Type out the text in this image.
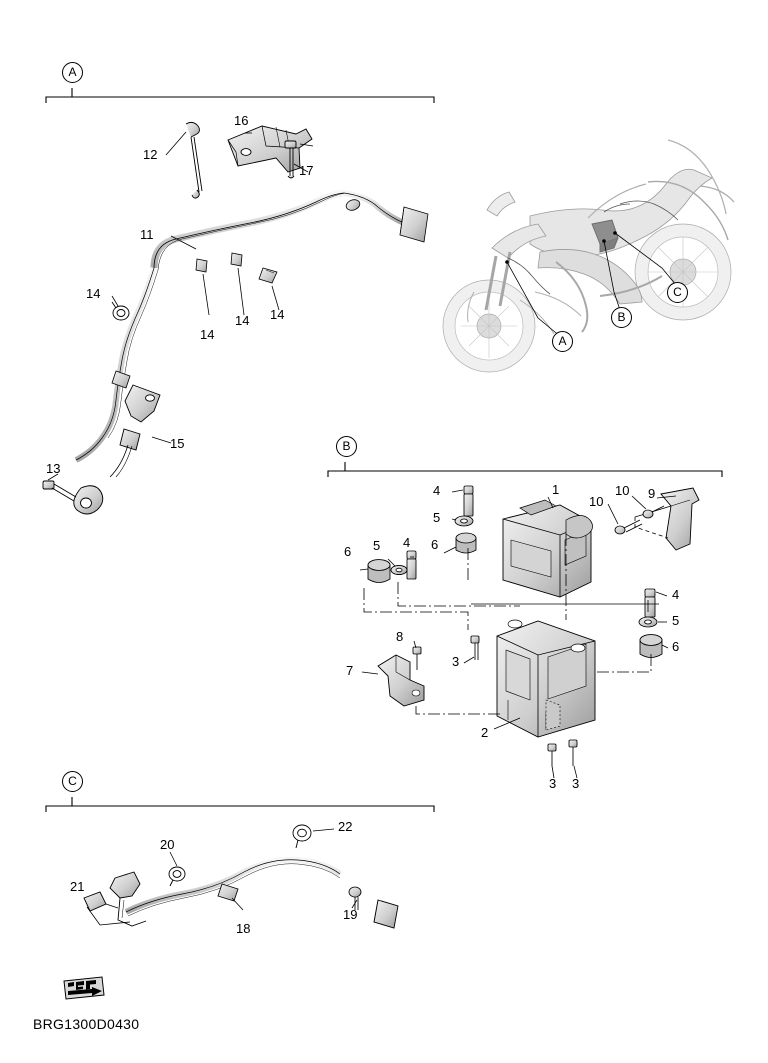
A
B
C
A
B
C
12
16
17
11
14
14
14 14
15
13
4
5
1
10
10 9
6 5 4 6
4
5
6
8
3
7
2
3 3
22
20
21
18
19
BRG1300D0430
